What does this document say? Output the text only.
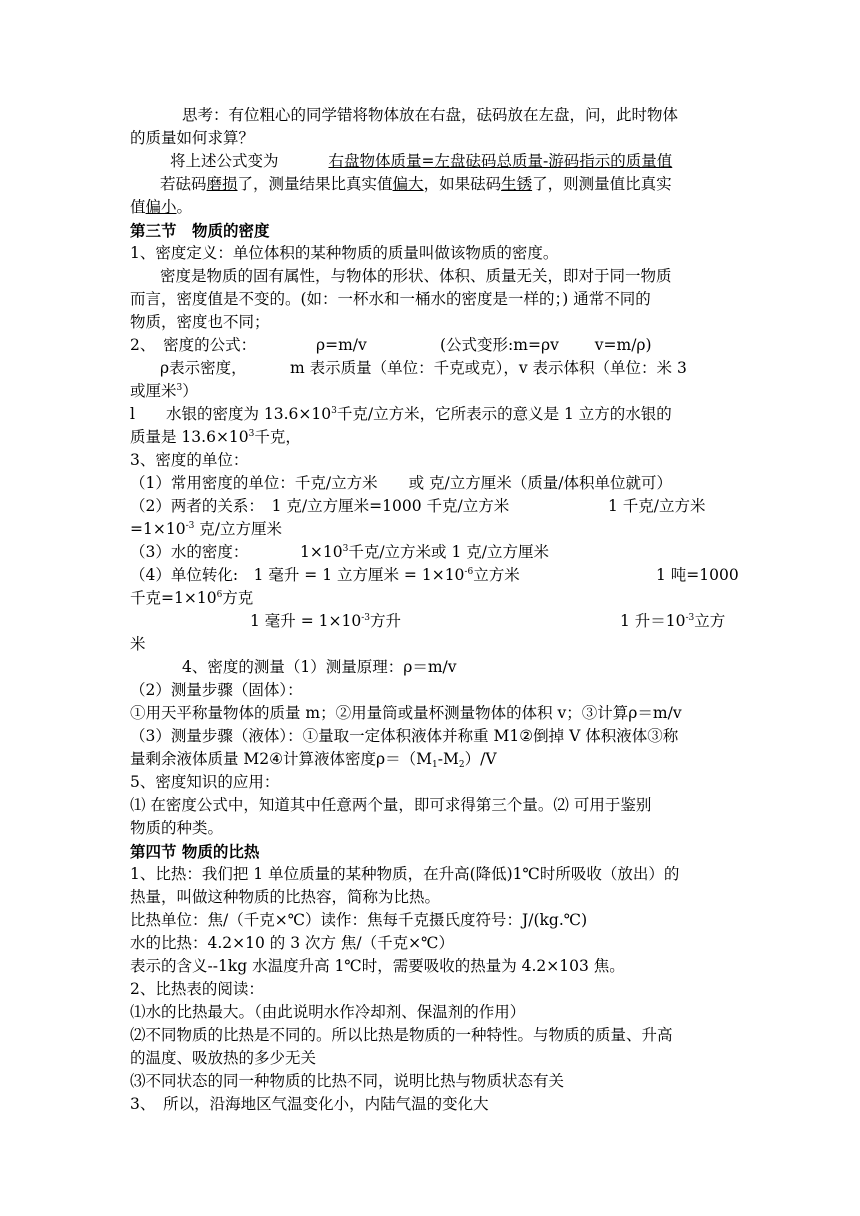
思考：有位粗心的同学错将物体放在右盘，砝码放在左盘，问，此时物体
的质量如何求算？
将上述公式变为	右盘物体质量=左盘砝码总质量-游码指示的质量值
若砝码磨损了，测量结果比真实值偏大，如果砝码生锈了，则测量值比真实
值偏小。
第三节　物质的密度
1、密度定义：单位体积的某种物质的质量叫做该物质的密度。
密度是物质的固有属性，与物体的形状、体积、质量无关，即对于同一物质
而言，密度值是不变的。(如：一杯水和一桶水的密度是一样的；) 通常不同的
物质，密度也不同；
2、　密度的公式：	ρ=m/v	(公式变形:m=ρv　　 v=m/ρ)
ρ表示密度，	m 表示质量（单位：千克或克），v 表示体积（单位：米 3
或厘米$^3$）
l　　水银的密度为 $13.6\times 10^3$千克/立方米，它所表示的意义是 1 立方的水银的
质量是 $13.6\times 10^3$千克，
3、密度的单位：
（1）常用密度的单位：千克/立方米　　或 克/立方厘米（质量/体积单位就可）
（2）两者的关系：　1 克/立方厘米=1000 千克/立方米	1 千克/立方米
$=1\times 10^{-3}$ 克/立方厘米
（3）水的密度：	$1\times 10^3$千克/立方米或 1 克/立方厘米
（4）单位转化:　1 毫升 = 1 立方厘米 = $1\times 10^{-6}$立方米	1 吨=1000
千克$=1\times 10^6$方克
1 毫升 = $1\times 10^{-3}$方升	1 升$=10^{-3}$立方
米
4、密度的测量（1）测量原理：ρ＝m/v
（2）测量步骤（固体）：
①用天平称量物体的质量 m；②用量筒或量杯测量物体的体积 v；③计算ρ＝m/v
（3）测量步骤（液体）：①量取一定体积液体并称重 M1②倒掉 V 体积液体③称
量剩余液体质量 M2④计算液体密度$\rho=(M_1-M_2)/V$
5、密度知识的应用：
⑴ 在密度公式中，知道其中任意两个量，即可求得第三个量。⑵ 可用于鉴别
物质的种类。
第四节 物质的比热
1、比热：我们把 1 单位质量的某种物质，在升高(降低)1℃时所吸收（放出）的
热量，叫做这种物质的比热容，简称为比热。
比热单位：焦/（千克×℃）读作：焦每千克摄氏度符号：J/(kg.℃)
水的比热：4.2×10 的 3 次方 焦/（千克×℃）
表示的含义--1kg 水温度升高 1℃时，需要吸收的热量为 4.2×103 焦。
2、比热表的阅读：
⑴水的比热最大。（由此说明水作冷却剂、保温剂的作用）
⑵不同物质的比热是不同的。所以比热是物质的一种特性。与物质的质量、升高
的温度、吸放热的多少无关
⑶不同状态的同一种物质的比热不同，说明比热与物质状态有关
3、　所以，沿海地区气温变化小，内陆气温的变化大
